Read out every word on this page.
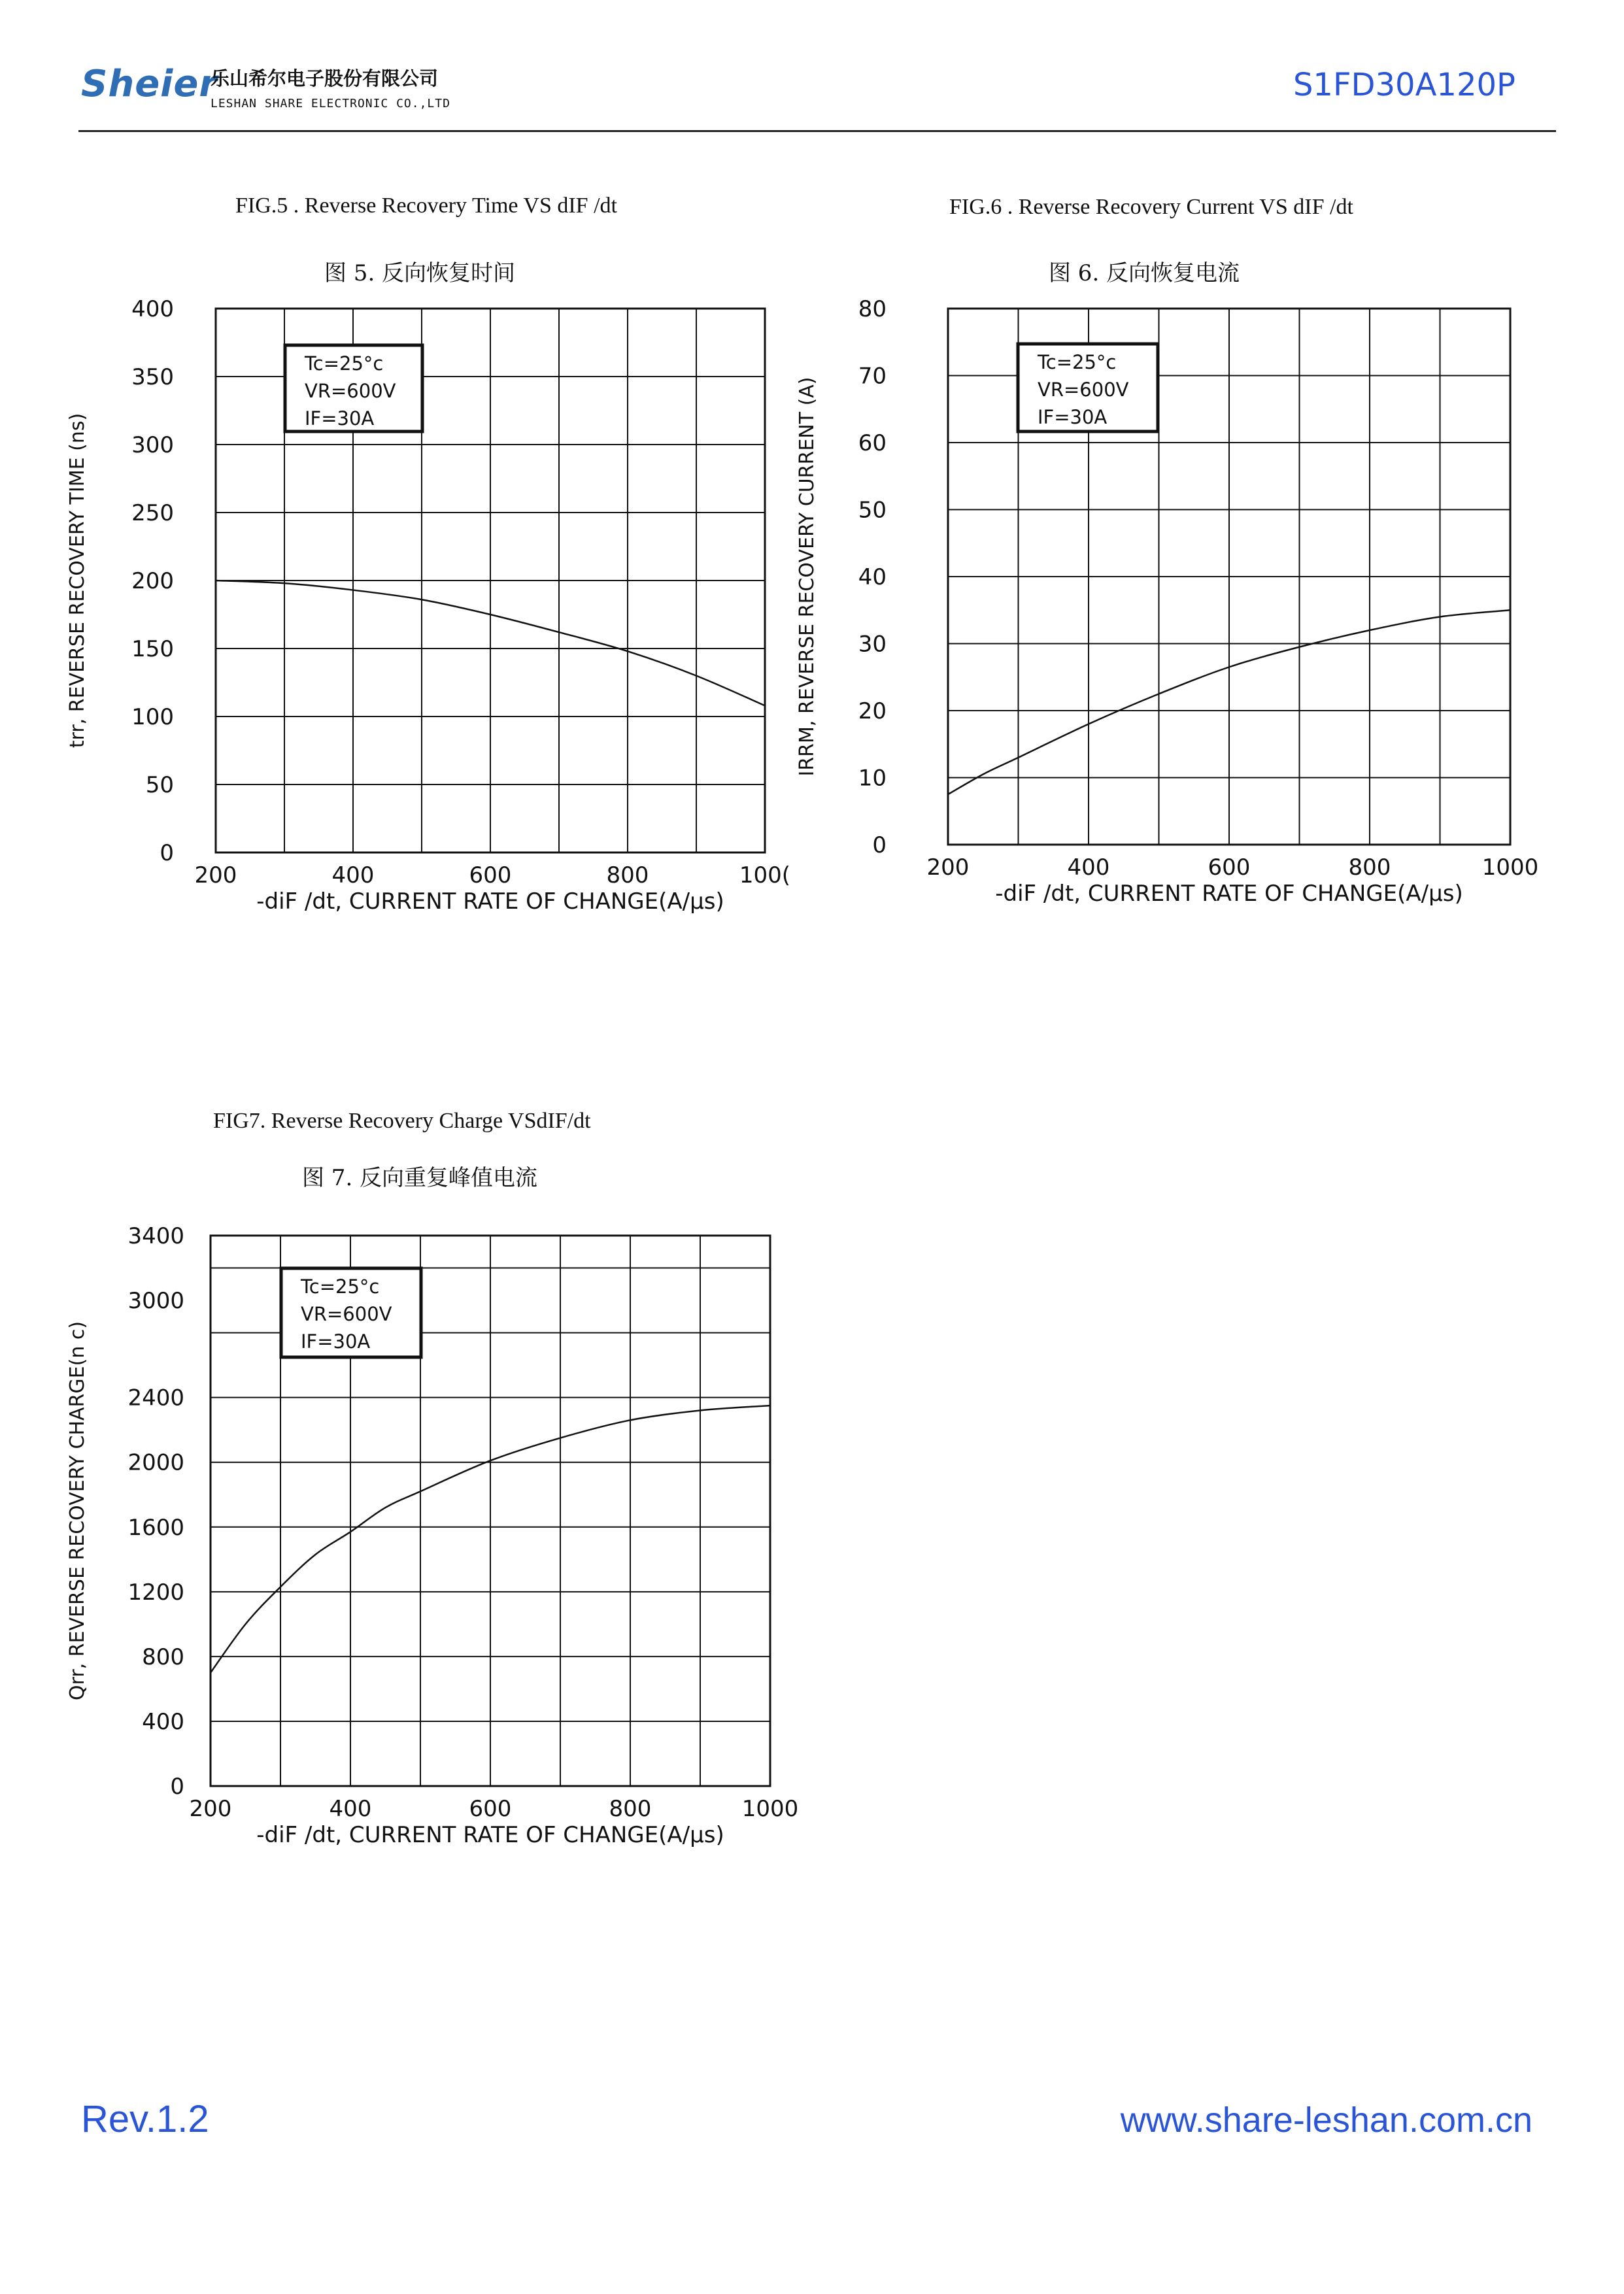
Sheier
乐山希尔电子股份有限公司
LESHAN SHARE ELECTRONIC CO.,LTD
S1FD30A120P
FIG.5 . Reverse Recovery Time VS dIF /dt
图 5. 反向恢复时间
FIG.6 . Reverse Recovery Current VS dIF /dt
图 6. 反向恢复电流
FIG7. Reverse Recovery Charge VSdIF/dt
图 7. 反向重复峰值电流
0
50
100
150
200
250
300
350
400
200	400	600	800	100(
-diF /dt, CURRENT RATE OF CHANGE(A/μs)
trr, REVERSE RECOVERY TIME (ns)
Tc=25°c
VR=600V
IF=30A
0
10
20
30
40
50
60
70
80
200	400	600	800	1000
-diF /dt, CURRENT RATE OF CHANGE(A/μs)
IRRM, REVERSE RECOVERY CURRENT (A)
Tc=25°c
VR=600V
IF=30A
0
400
800
1200
1600
2000
2400
3000
3400
200	400	600	800	1000
-diF /dt, CURRENT RATE OF CHANGE(A/μs)
Qrr, REVERSE RECOVERY CHARGE(n c)
Tc=25°c
VR=600V
IF=30A
Rev.1.2	www.share-leshan.com.cn
